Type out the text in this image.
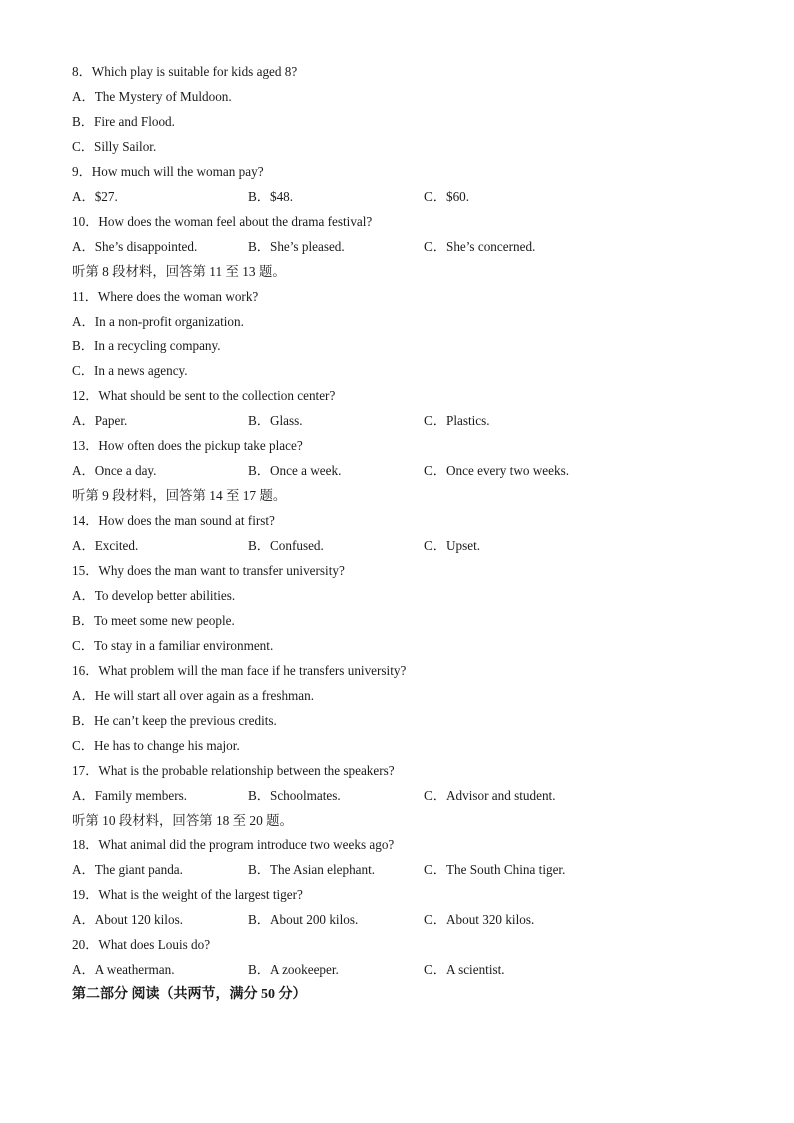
8．Which play is suitable for kids aged 8?
A．The Mystery of Muldoon.
B．Fire and Flood.
C．Silly Sailor.
9．How much will the woman pay?
A．$27.	B．$48.	C．$60.
10．How does the woman feel about the drama festival?
A．She’s disappointed.	B．She’s pleased.	C．She’s concerned.
听第 8 段材料，回答第 11 至 13 题。
11．Where does the woman work?
A．In a non-profit organization.
B．In a recycling company.
C．In a news agency.
12．What should be sent to the collection center?
A．Paper.	B．Glass.	C．Plastics.
13．How often does the pickup take place?
A．Once a day.	B．Once a week.	C．Once every two weeks.
听第 9 段材料，回答第 14 至 17 题。
14．How does the man sound at first?
A．Excited.	B．Confused.	C．Upset.
15．Why does the man want to transfer university?
A．To develop better abilities.
B．To meet some new people.
C．To stay in a familiar environment.
16．What problem will the man face if he transfers university?
A．He will start all over again as a freshman.
B．He can’t keep the previous credits.
C．He has to change his major.
17．What is the probable relationship between the speakers?
A．Family members.	B．Schoolmates.	C．Advisor and student.
听第 10 段材料，回答第 18 至 20 题。
18．What animal did the program introduce two weeks ago?
A．The giant panda.	B．The Asian elephant.	C．The South China tiger.
19．What is the weight of the largest tiger?
A．About 120 kilos.	B．About 200 kilos.	C．About 320 kilos.
20．What does Louis do?
A．A weatherman.	B．A zookeeper.	C．A scientist.
第二部分 阅读（共两节，满分 50 分）
